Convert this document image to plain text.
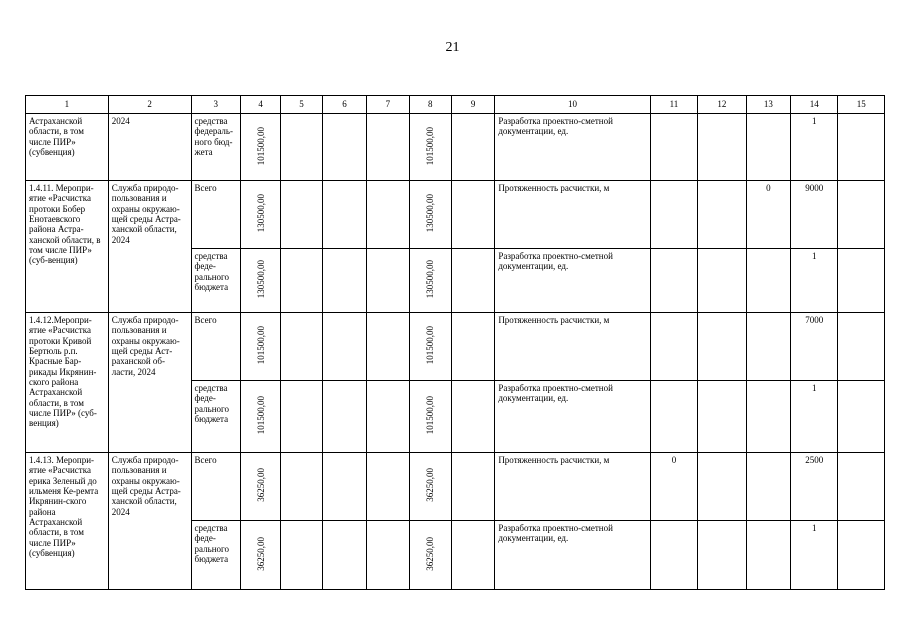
21
1	2	3	4	5	6	7	8	9	10	11	12	13	14	15
Астраханской области, в том числе ПИР» (субвенция)	2024	средства федераль-ного бюд-жета	101500,00				101500,00		Разработка проектно-сметной документации, ед.				1	
1.4.11. Меропри-ятие «Расчистка протоки Бобер Енотаевского района Астра-ханской области, в том числе ПИР» (суб-венция)	Служба природо-пользования и охраны окружаю-щей среды Астра-ханской области, 2024	Всего	130500,00				130500,00		Протяженность расчистки, м			0	9000	
		средства феде-рального бюджета	130500,00				130500,00		Разработка проектно-сметной документации, ед.				1	
1.4.12.Меропри-ятие «Расчистка протоки Кривой Бертюль р.п. Красные Бар-рикады Икрянин-ского района Астраханской области, в том числе ПИР» (суб-венция)	Служба природо-пользования и охраны окружаю-щей среды Аст-раханской об-ласти, 2024	Всего	101500,00				101500,00		Протяженность расчистки, м				7000	
		средства феде-рального бюджета	101500,00				101500,00		Разработка проектно-сметной документации, ед.				1	
1.4.13. Меропри-ятие «Расчистка ерика Зеленый до ильменя Ке-ремта Икрянин-ского района Астраханской области, в том числе ПИР» (субвенция)	Служба природо-пользования и охраны окружаю-щей среды Астра-ханской области, 2024	Всего	36250,00				36250,00		Протяженность расчистки, м	0			2500	
		средства феде-рального бюджета	36250,00				36250,00		Разработка проектно-сметной документации, ед.				1	
